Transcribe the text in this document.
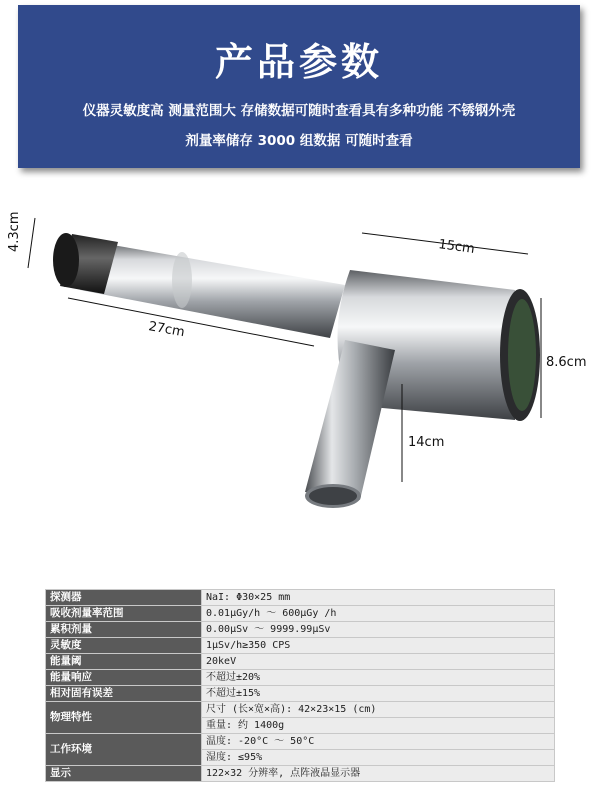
产品参数
仪器灵敏度高 测量范围大 存储数据可随时查看具有多种功能 不锈钢外壳
剂量率储存 3000 组数据 可随时查看
4.3cm
27cm
15cm
8.6cm
14cm
探测器	NaI: Φ30×25 mm
吸收剂量率范围	0.01μGy/h ～ 600μGy /h
累积剂量	0.00μSv ～ 9999.99μSv
灵敏度	1μSv/h≥350 CPS
能量阈	20keV
能量响应	不超过±20%
相对固有误差	不超过±15%
物理特性	尺寸 (长×宽×高): 42×23×15 (cm)
	重量: 约 1400g
工作环境	温度: -20°C ～ 50°C
	湿度: ≤95%
显示	122×32 分辨率, 点阵液晶显示器
